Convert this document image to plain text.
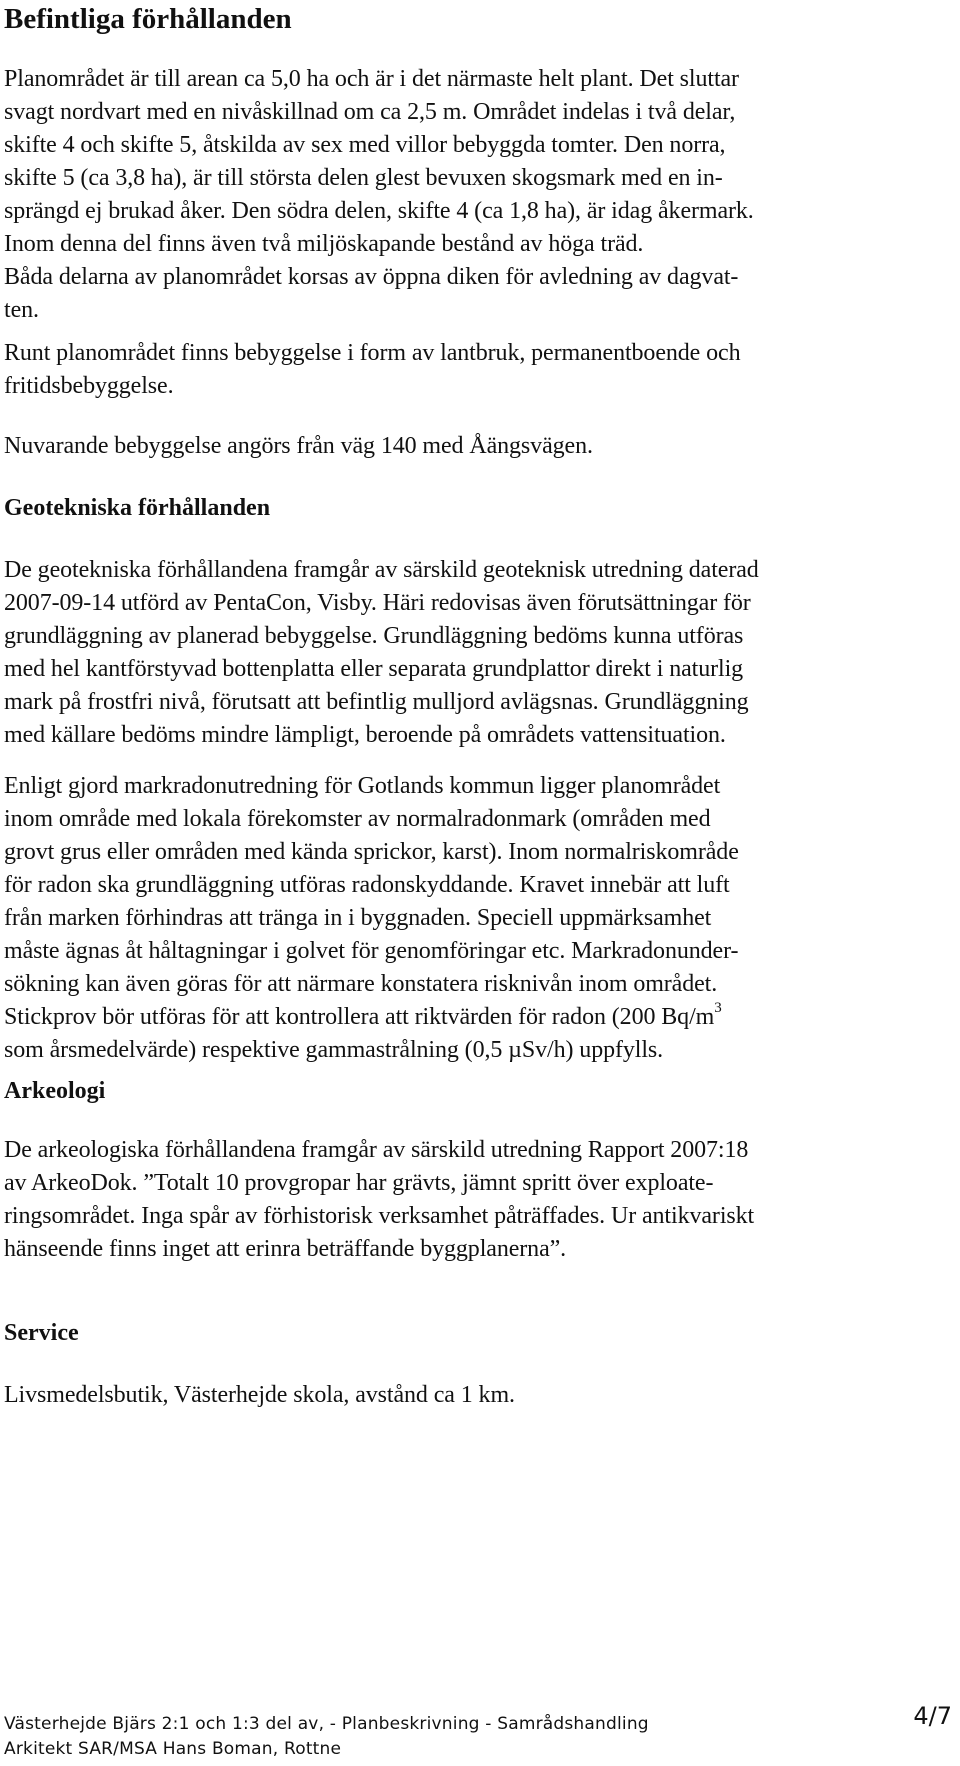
Befintliga förhållanden

Planområdet är till arean ca 5,0 ha och är i det närmaste helt plant. Det sluttar
svagt nordvart med en nivåskillnad om ca 2,5 m. Området indelas i två delar,
skifte 4 och skifte 5, åtskilda av sex med villor bebyggda tomter. Den norra,
skifte 5 (ca 3,8 ha), är till största delen glest bevuxen skogsmark med en in-
sprängd ej brukad åker. Den södra delen, skifte 4 (ca 1,8 ha), är idag åkermark.
Inom denna del finns även två miljöskapande bestånd av höga träd.
Båda delarna av planområdet korsas av öppna diken för avledning av dagvat-
ten.

Runt planområdet finns bebyggelse i form av lantbruk, permanentboende och
fritidsbebyggelse.

Nuvarande bebyggelse angörs från väg 140 med Åängsvägen.

Geotekniska förhållanden

De geotekniska förhållandena framgår av särskild geoteknisk utredning daterad
2007-09-14 utförd av PentaCon, Visby. Häri redovisas även förutsättningar för
grundläggning av planerad bebyggelse. Grundläggning bedöms kunna utföras
med hel kantförstyvad bottenplatta eller separata grundplattor direkt i naturlig
mark på frostfri nivå, förutsatt att befintlig mulljord avlägsnas. Grundläggning
med källare bedöms mindre lämpligt, beroende på områdets vattensituation.

Enligt gjord markradonutredning för Gotlands kommun ligger planområdet
inom område med lokala förekomster av normalradonmark (områden med
grovt grus eller områden med kända sprickor, karst). Inom normalriskområde
för radon ska grundläggning utföras radonskyddande. Kravet innebär att luft
från marken förhindras att tränga in i byggnaden. Speciell uppmärksamhet
måste ägnas åt håltagningar i golvet för genomföringar etc. Markradonunder-
sökning kan även göras för att närmare konstatera risknivån inom området.
Stickprov bör utföras för att kontrollera att riktvärden för radon (200 $Bq/m^3$
som årsmedelvärde) respektive gammastrålning (0,5 µSv/h) uppfylls.

Arkeologi

De arkeologiska förhållandena framgår av särskild utredning Rapport 2007:18
av ArkeoDok. ”Totalt 10 provgropar har grävts, jämnt spritt över exploate-
ringsområdet. Inga spår av förhistorisk verksamhet påträffades. Ur antikvariskt
hänseende finns inget att erinra beträffande byggplanerna”.

Service

Livsmedelsbutik, Västerhejde skola, avstånd ca 1 km.

Västerhejde Bjärs 2:1 och 1:3 del av, - Planbeskrivning - Samrådshandling
Arkitekt SAR/MSA Hans Boman, Rottne
4/7
